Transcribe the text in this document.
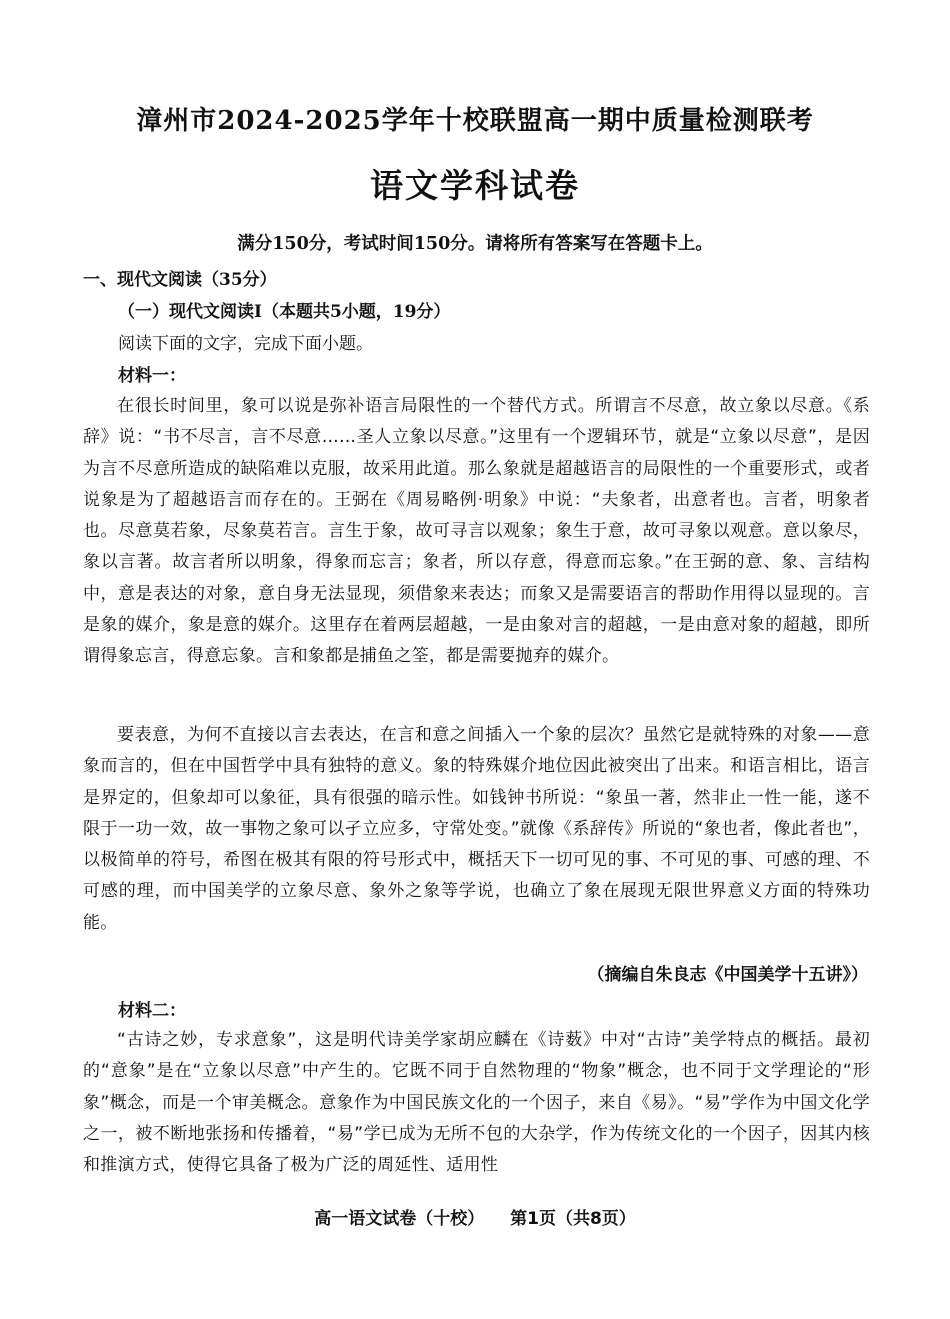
漳州市2024-2025学年十校联盟高一期中质量检测联考
语文学科试卷
满分150分，考试时间150分。请将所有答案写在答题卡上。
一、现代文阅读（35分）
（一）现代文阅读Ⅰ（本题共5小题，19分）
阅读下面的文字，完成下面小题。
材料一：

在很长时间里，象可以说是弥补语言局限性的一个替代方式。所谓言不尽意，故立象以尽意。《系辞》说：“书不尽言，言不尽意……圣人立象以尽意。”这里有一个逻辑环节，就是“立象以尽意”，是因为言不尽意所造成的缺陷难以克服，故采用此道。那么象就是超越语言的局限性的一个重要形式，或者说象是为了超越语言而存在的。王弼在《周易略例·明象》中说：“夫象者，出意者也。言者，明象者也。尽意莫若象，尽象莫若言。言生于象，故可寻言以观象；象生于意，故可寻象以观意。意以象尽，象以言著。故言者所以明象，得象而忘言；象者，所以存意，得意而忘象。”在王弼的意、象、言结构中，意是表达的对象，意自身无法显现，须借象来表达；而象又是需要语言的帮助作用得以显现的。言是象的媒介，象是意的媒介。这里存在着两层超越，一是由象对言的超越，一是由意对象的超越，即所谓得象忘言，得意忘象。言和象都是捕鱼之筌，都是需要抛弃的媒介。

要表意，为何不直接以言去表达，在言和意之间插入一个象的层次？虽然它是就特殊的对象——意象而言的，但在中国哲学中具有独特的意义。象的特殊媒介地位因此被突出了出来。和语言相比，语言是界定的，但象却可以象征，具有很强的暗示性。如钱钟书所说：“象虽一著，然非止一性一能，遂不限于一功一效，故一事物之象可以孑立应多，守常处变。”就像《系辞传》所说的“象也者，像此者也”，以极简单的符号，希图在极其有限的符号形式中，概括天下一切可见的事、不可见的事、可感的理、不可感的理，而中国美学的立象尽意、象外之象等学说，也确立了象在展现无限世界意义方面的特殊功能。

（摘编自朱良志《中国美学十五讲》）
材料二：

“古诗之妙，专求意象”，这是明代诗美学家胡应麟在《诗薮》中对“古诗”美学特点的概括。最初的“意象”是在“立象以尽意”中产生的。它既不同于自然物理的“物象”概念，也不同于文学理论的“形象”概念，而是一个审美概念。意象作为中国民族文化的一个因子，来自《易》。“易”学作为中国文化学之一，被不断地张扬和传播着，“易”学已成为无所不包的大杂学，作为传统文化的一个因子，因其内核和推演方式，使得它具备了极为广泛的周延性、适用性

高一语文试卷（十校） 第1页（共8页）
